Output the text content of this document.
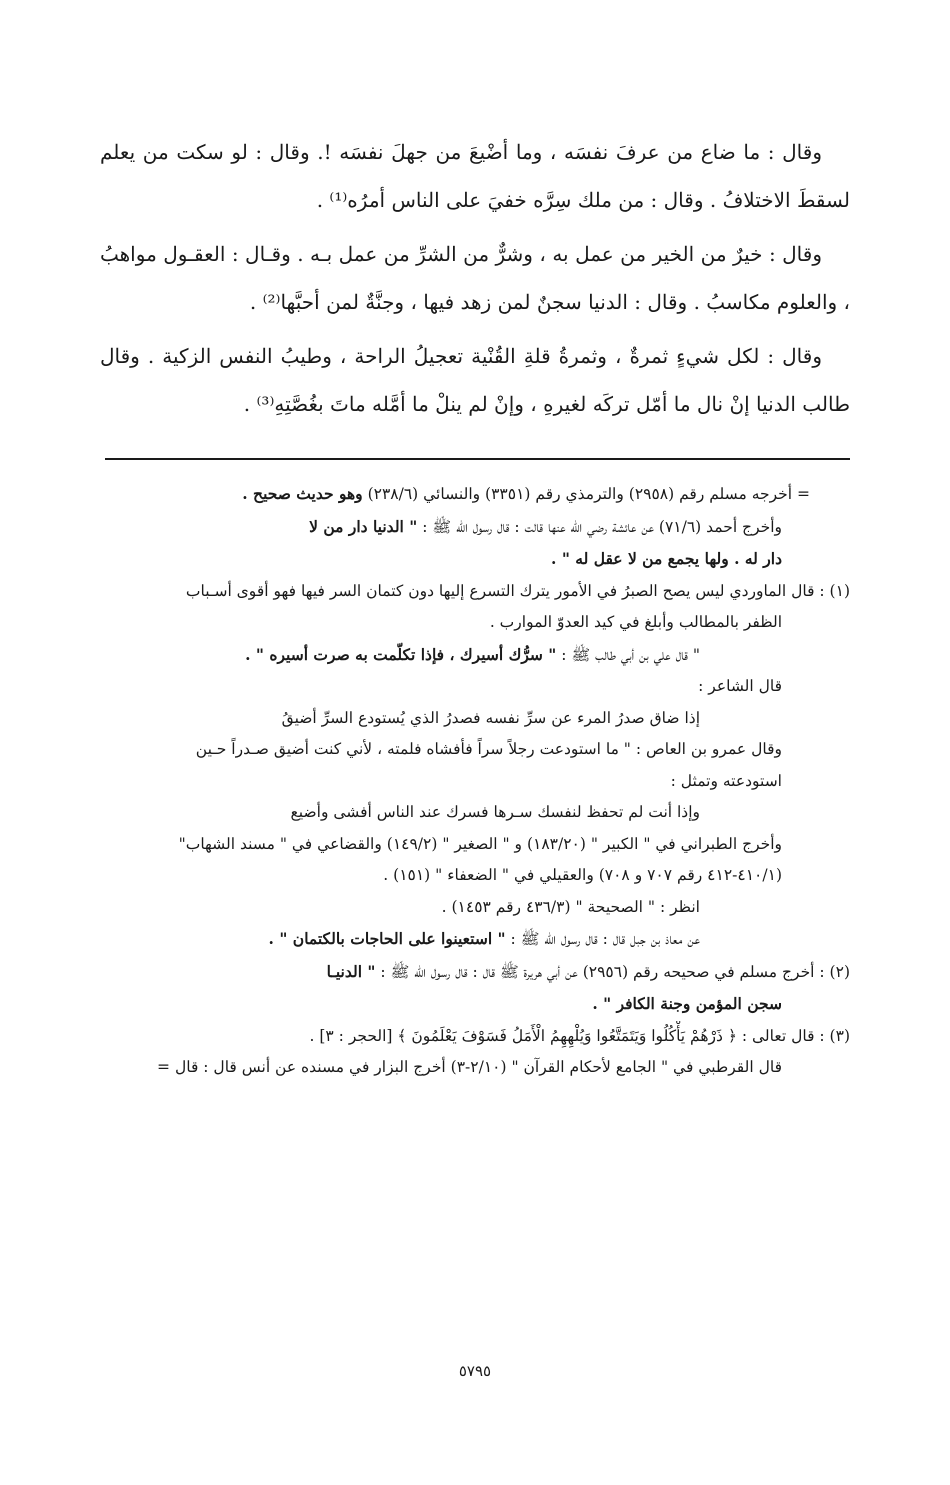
وقال : ما ضاع من عرفَ نفسَه ، وما أضْيعَ من جهلَ نفسَه !. وقال : لو سكت من يعلم لسقطَ الاختلافُ . وقال : من ملك سِرَّه خفيَ على الناس أمرُه⁽¹⁾ .

وقال : خيرٌ من الخير من عمل به ، وشرٌّ من الشرِّ من عمل بـه . وقـال : العقـول مواهبُ ، والعلوم مكاسبُ . وقال : الدنيا سجنٌ لمن زهد فيها ، وجنَّةٌ لمن أحبَّها⁽²⁾ .

وقال : لكل شيءٍ ثمرةٌ ، وثمرةُ قلةِ القُنْية تعجيلُ الراحة ، وطيبُ النفس الزكية . وقال طالب الدنيا إنْ نال ما أمّل تركَه لغيرهِ ، وإنْ لم ينلْ ما أمَّله ماتَ بغُصَّتِهِ⁽³⁾ .

= أخرجه مسلم رقم (٢٩٥٨) والترمذي رقم (٣٣٥١) والنسائي (٢٣٨/٦) وهو حديث صحيح .
وأخرج أحمد (٧١/٦) عن عائشة رضي الله عنها قالت : قال رسول الله ﷺ : " الدنيا دار من لا
دار له . ولها يجمع من لا عقل له " .
(١) : قال الماوردي ليس يصح الصبرُ في الأمور يترك التسرع إليها دون كتمان السر فيها فهو أقوى أسـباب
الظفر بالمطالب وأبلغ في كيد العدوّ الموارب .
" قال علي بن أبي طالب ﷺ : " سرُّك أسيرك ، فإذا تكلّمت به صرت أسيره " .
قال الشاعر :
إذا ضاق صدرُ المرء عن سرِّ نفسه فصدرُ الذي يُستودع السرِّ أضيقُ
وقال عمرو بن العاص : " ما استودعت رجلاً سراً فأفشاه فلمته ، لأني كنت أضيق صـدراً حـين
استودعته وتمثل :
وإذا أنت لم تحفظ لنفسك سـرها فسرك عند الناس أفشى وأضيع
وأخرج الطبراني في " الكبير " (١٨٣/٢٠) و " الصغير " (١٤٩/٢) والقضاعي في " مسند الشهاب"
(٤١٠/١-٤١٢ رقم ٧٠٧ و ٧٠٨) والعقيلي في " الضعفاء " (١٥١) .
انظر : " الصحيحة " (٤٣٦/٣ رقم ١٤٥٣) .
عن معاذ بن جبل قال : قال رسول الله ﷺ : " استعينوا على الحاجات بالكتمان " .
(٢) : أخرج مسلم في صحيحه رقم (٢٩٥٦) عن أبي هريرة ﷺ قال : قال رسول الله ﷺ : " الدنيـا
سجن المؤمن وجنة الكافر " .
(٣) : قال تعالى : ﴿ ذَرْهُمْ يَأْكُلُوا وَيَتَمَتَّعُوا وَيُلْهِهِمُ الْأَمَلُ فَسَوْفَ يَعْلَمُونَ ﴾ [الحجر : ٣] .
قال القرطبي في " الجامع لأحكام القرآن " (٢/١٠-٣) أخرج البزار في مسنده عن أنس قال : قال =
٥٧٩٥
